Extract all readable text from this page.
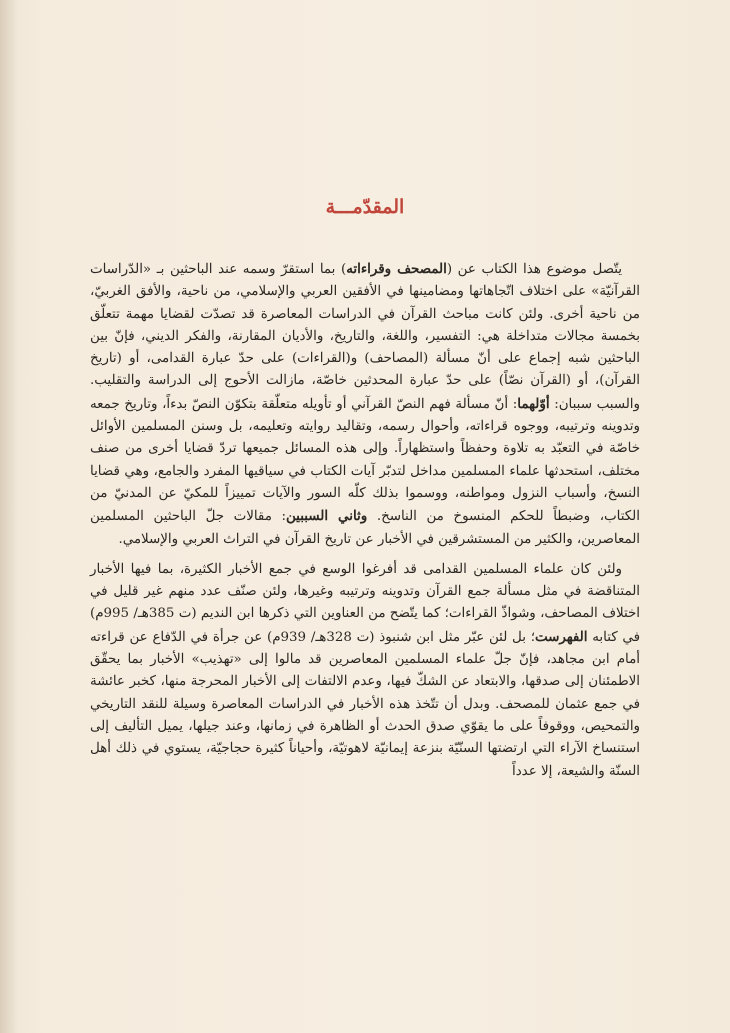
المقدّمـــة

يتّصل موضوع هذا الكتاب عن (المصحف وقراءاته) بما استقرّ وسمه عند الباحثين بـ «الدّراسات القرآنيّة» على اختلاف اتّجاهاتها ومضامينها في الأفقين العربي والإسلامي، من ناحية، والأفق الغربيّ، من ناحية أخرى. ولئن كانت مباحث القرآن في الدراسات المعاصرة قد تصدّت لقضايا مهمة تتعلّق بخمسة مجالات متداخلة هي: التفسير، واللغة، والتاريخ، والأديان المقارنة، والفكر الديني، فإنّ بين الباحثين شبه إجماع على أنّ مسألة (المصاحف) و(القراءات) على حدّ عبارة القدامى، أو (تاريخ القرآن)، أو (القرآن نصّاً) على حدّ عبارة المحدثين خاصّة، مازالت الأحوج إلى الدراسة والتقليب. والسبب سببان: أوّلهما: أنّ مسألة فهم النصّ القرآني أو تأويله متعلّقة بتكوّن النصّ بدءاً، وتاريخ جمعه وتدوينه وترتيبه، ووجوه قراءاته، وأحوال رسمه، وتقاليد روايته وتعليمه، بل وسنن المسلمين الأوائل خاصّة في التعبّد به تلاوة وحفظاً واستظهاراً. وإلى هذه المسائل جميعها تردّ قضايا أخرى من صنف مختلف، استحدثها علماء المسلمين مداخل لتدبّر آيات الكتاب في سياقيها المفرد والجامع، وهي قضايا النسخ، وأسباب النزول ومواطنه، ووسموا بذلك كلّه السور والآيات تمييزاً للمكيّ عن المدنيّ من الكتاب، وضبطاً للحكم المنسوخ من الناسخ. وثاني السببين: مقالات جلّ الباحثين المسلمين المعاصرين، والكثير من المستشرقين في الأخبار عن تاريخ القرآن في التراث العربي والإسلامي.

ولئن كان علماء المسلمين القدامى قد أفرغوا الوسع في جمع الأخبار الكثيرة، بما فيها الأخبار المتناقضة في مثل مسألة جمع القرآن وتدوينه وترتيبه وغيرها، ولئن صنّف عدد منهم غير قليل في اختلاف المصاحف، وشواذّ القراءات؛ كما يتّضح من العناوين التي ذكرها ابن النديم (ت 385هـ/ 995م) في كتابه الفهرست؛ بل لئن عبّر مثل ابن شنبوذ (ت 328هـ/ 939م) عن جرأة في الدّفاع عن قراءته أمام ابن مجاهد، فإنّ جلّ علماء المسلمين المعاصرين قد مالوا إلى «تهذيب» الأخبار بما يحقّق الاطمئنان إلى صدقها، والابتعاد عن الشكّ فيها، وعدم الالتفات إلى الأخبار المحرجة منها، كخبر عائشة في جمع عثمان للمصحف. وبدل أن تتّخذ هذه الأخبار في الدراسات المعاصرة وسيلة للنقد التاريخي والتمحيص، ووقوفاً على ما يقوّي صدق الحدث أو الظاهرة في زمانها، وعند جيلها، يميل التأليف إلى استنساخ الآراء التي ارتضتها السنّيّة بنزعة إيمانيّة لاهوتيّة، وأحياناً كثيرة حجاجيّة، يستوي في ذلك أهل السنّة والشيعة، إلا عدداً
